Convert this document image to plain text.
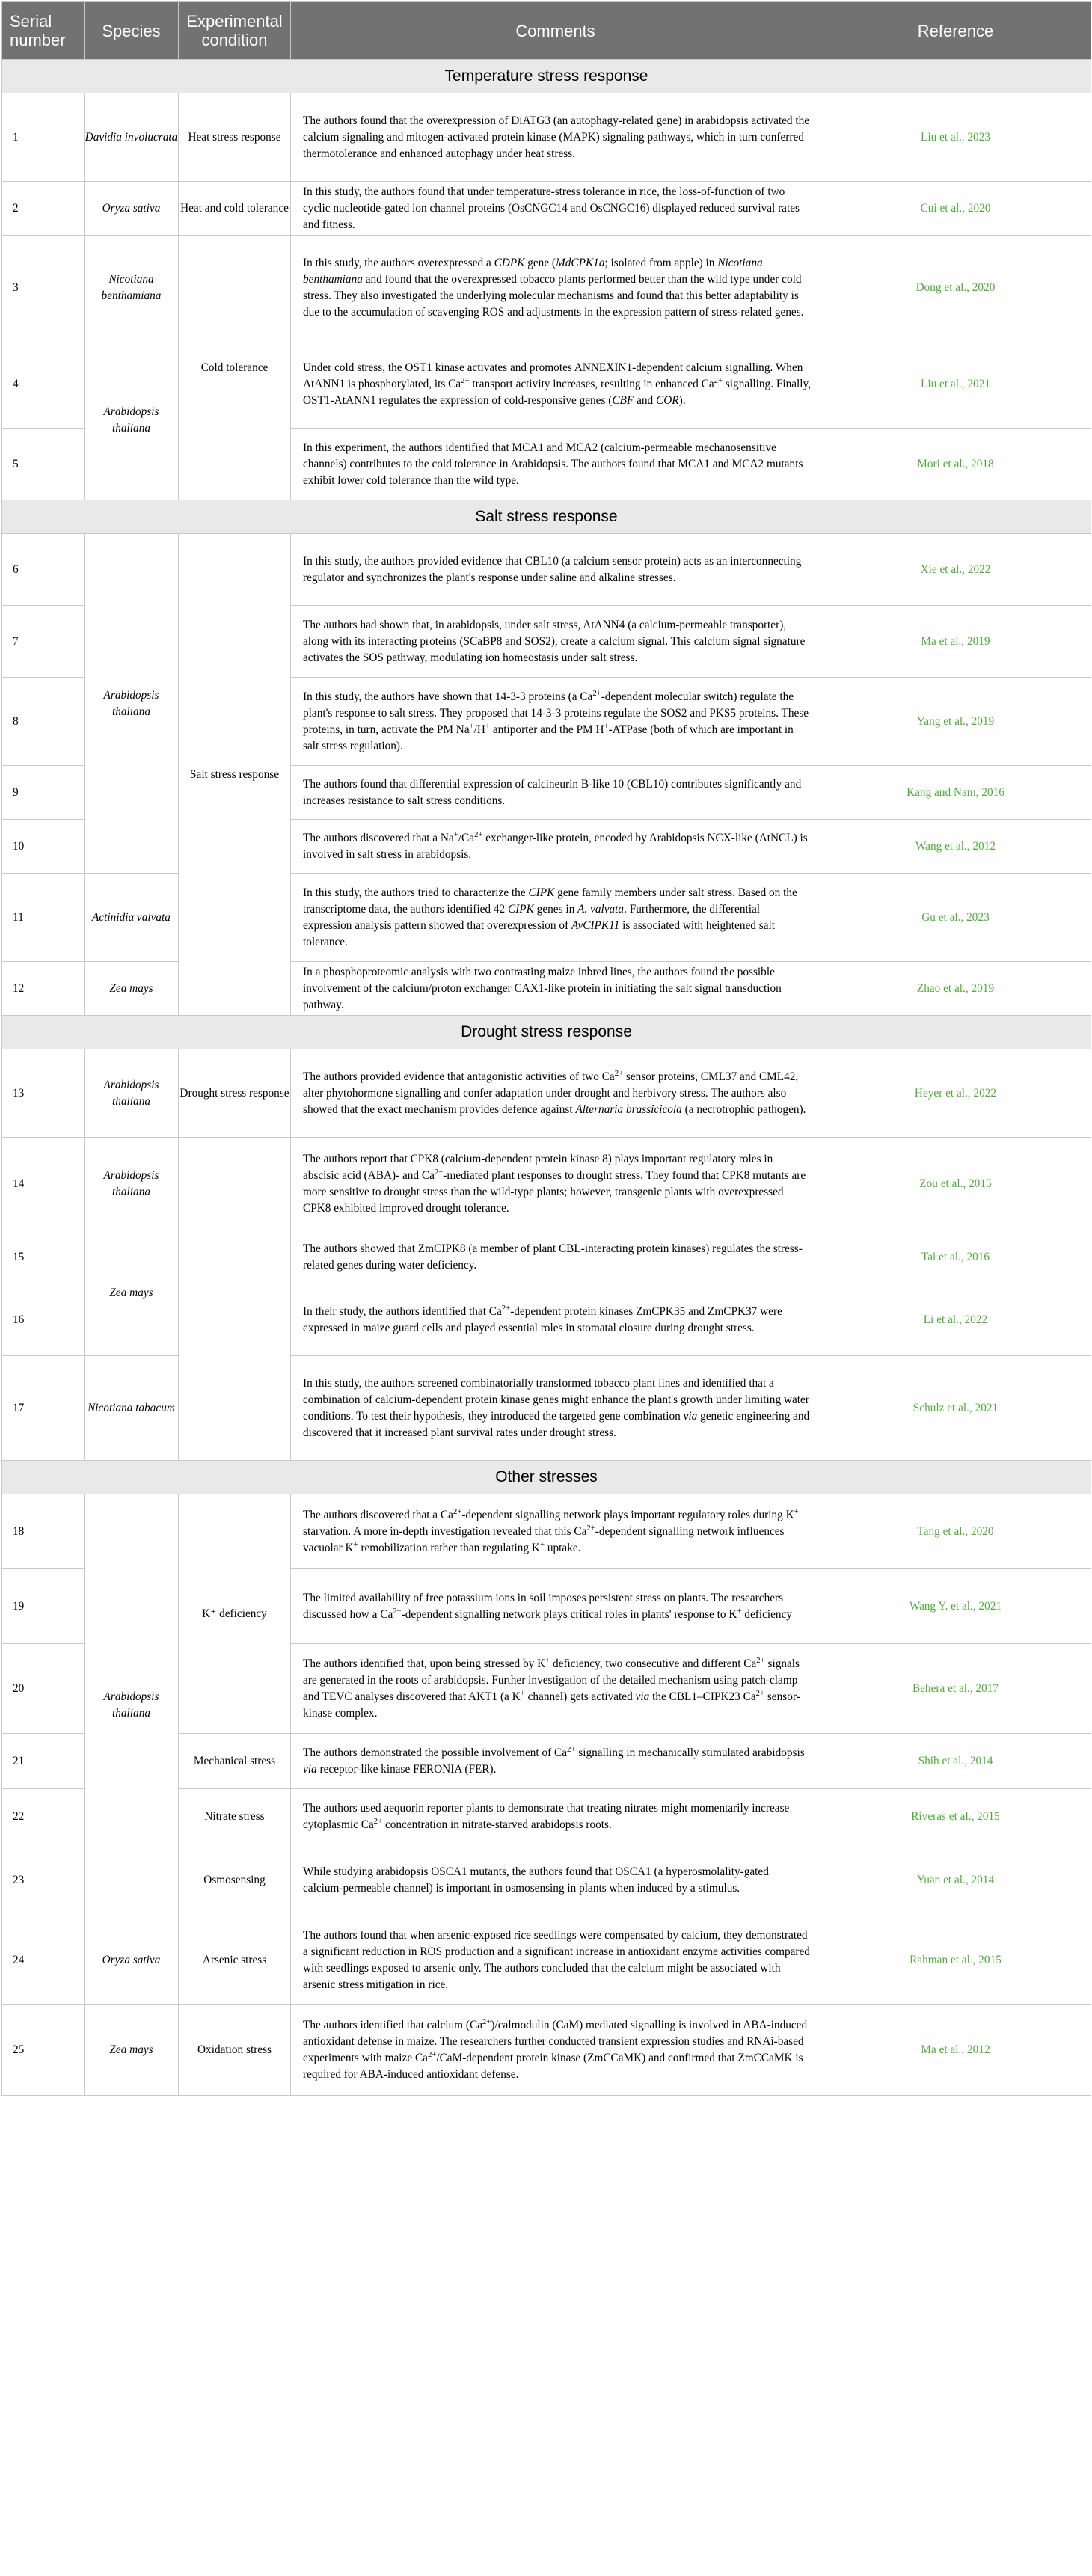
Serial number	Species	Experimental condition	Comments	Reference
Temperature stress response				
1	Davidia involucrata	Heat stress response	The authors found that the overexpression of DiATG3 (an autophagy-related gene) in arabidopsis activated the calcium signaling and mitogen-activated protein kinase (MAPK) signaling pathways, which in turn conferred thermotolerance and enhanced autophagy under heat stress.	Liu et al., 2023
2	Oryza sativa	Heat and cold tolerance	In this study, the authors found that under temperature-stress tolerance in rice, the loss-of-function of two cyclic nucleotide-gated ion channel proteins (OsCNGC14 and OsCNGC16) displayed reduced survival rates and fitness.	Cui et al., 2020
3	Nicotiana benthamiana	Cold tolerance	In this study, the authors overexpressed a CDPK gene (MdCPK1a; isolated from apple) in Nicotiana benthamiana and found that the overexpressed tobacco plants performed better than the wild type under cold stress. They also investigated the underlying molecular mechanisms and found that this better adaptability is due to the accumulation of scavenging ROS and adjustments in the expression pattern of stress-related genes.	Dong et al., 2020
4	Arabidopsis thaliana		Under cold stress, the OST1 kinase activates and promotes ANNEXIN1-dependent calcium signalling. When AtANN1 is phosphorylated, its $Ca^{2+}$ transport activity increases, resulting in enhanced $Ca^{2+}$ signalling. Finally, OST1-AtANN1 regulates the expression of cold-responsive genes (CBF and COR).	Liu et al., 2021
5			In this experiment, the authors identified that MCA1 and MCA2 (calcium-permeable mechanosensitive channels) contributes to the cold tolerance in Arabidopsis. The authors found that MCA1 and MCA2 mutants exhibit lower cold tolerance than the wild type.	Mori et al., 2018
Salt stress response				
6	Arabidopsis thaliana	Salt stress response	In this study, the authors provided evidence that CBL10 (a calcium sensor protein) acts as an interconnecting regulator and synchronizes the plant's response under saline and alkaline stresses.	Xie et al., 2022
7			The authors had shown that, in arabidopsis, under salt stress, AtANN4 (a calcium-permeable transporter), along with its interacting proteins (SCaBP8 and SOS2), create a calcium signal. This calcium signal signature activates the SOS pathway, modulating ion homeostasis under salt stress.	Ma et al., 2019
8			In this study, the authors have shown that 14-3-3 proteins (a $Ca^{2+}$-dependent molecular switch) regulate the plant's response to salt stress. They proposed that 14-3-3 proteins regulate the SOS2 and PKS5 proteins. These proteins, in turn, activate the PM Na+/H+ antiporter and the PM H+-ATPase (both of which are important in salt stress regulation).	Yang et al., 2019
9			The authors found that differential expression of calcineurin B-like 10 (CBL10) contributes significantly and increases resistance to salt stress conditions.	Kang and Nam, 2016
10			The authors discovered that a $Na^+/Ca^{2+}$ exchanger-like protein, encoded by Arabidopsis NCX-like (AtNCL) is involved in salt stress in arabidopsis.	Wang et al., 2012
11	Actinidia valvata		In this study, the authors tried to characterize the CIPK gene family members under salt stress. Based on the transcriptome data, the authors identified 42 CIPK genes in A. valvata. Furthermore, the differential expression analysis pattern showed that overexpression of AvCIPK11 is associated with heightened salt tolerance.	Gu et al., 2023
12	Zea mays		In a phosphoproteomic analysis with two contrasting maize inbred lines, the authors found the possible involvement of the calcium/proton exchanger CAX1-like protein in initiating the salt signal transduction pathway.	Zhao et al., 2019
Drought stress response				
13	Arabidopsis thaliana	Drought stress response	The authors provided evidence that antagonistic activities of two $Ca^{2+}$ sensor proteins, CML37 and CML42, alter phytohormone signalling and confer adaptation under drought and herbivory stress. The authors also showed that the exact mechanism provides defence against Alternaria brassicicola (a necrotrophic pathogen).	Heyer et al., 2022
14	Arabidopsis thaliana		The authors report that CPK8 (calcium-dependent protein kinase 8) plays important regulatory roles in abscisic acid (ABA)- and $Ca^{2+}$-mediated plant responses to drought stress. They found that CPK8 mutants are more sensitive to drought stress than the wild-type plants; however, transgenic plants with overexpressed CPK8 exhibited improved drought tolerance.	Zou et al., 2015
15	Zea mays		The authors showed that ZmCIPK8 (a member of plant CBL-interacting protein kinases) regulates the stress-related genes during water deficiency.	Tai et al., 2016
16			In their study, the authors identified that $Ca^{2+}$-dependent protein kinases ZmCPK35 and ZmCPK37 were expressed in maize guard cells and played essential roles in stomatal closure during drought stress.	Li et al., 2022
17	Nicotiana tabacum		In this study, the authors screened combinatorially transformed tobacco plant lines and identified that a combination of calcium-dependent protein kinase genes might enhance the plant's growth under limiting water conditions. To test their hypothesis, they introduced the targeted gene combination via genetic engineering and discovered that it increased plant survival rates under drought stress.	Schulz et al., 2021
Other stresses				
18	Arabidopsis thaliana	K⁺ deficiency	The authors discovered that a $Ca^{2+}$-dependent signalling network plays important regulatory roles during K+ starvation. A more in-depth investigation revealed that this $Ca^{2+}$-dependent signalling network influences vacuolar K+ remobilization rather than regulating K+ uptake.	Tang et al., 2020
19			The limited availability of free potassium ions in soil imposes persistent stress on plants. The researchers discussed how a $Ca^{2+}$-dependent signalling network plays critical roles in plants' response to K+ deficiency	Wang Y. et al., 2021
20			The authors identified that, upon being stressed by K+ deficiency, two consecutive and different $Ca^{2+}$ signals are generated in the roots of arabidopsis. Further investigation of the detailed mechanism using patch-clamp and TEVC analyses discovered that AKT1 (a K+ channel) gets activated via the CBL1–CIPK23 $Ca^{2+}$ sensor-kinase complex.	Behera et al., 2017
21		Mechanical stress	The authors demonstrated the possible involvement of $Ca^{2+}$ signalling in mechanically stimulated arabidopsis via receptor-like kinase FERONIA (FER).	Shih et al., 2014
22		Nitrate stress	The authors used aequorin reporter plants to demonstrate that treating nitrates might momentarily increase cytoplasmic $Ca^{2+}$ concentration in nitrate-starved arabidopsis roots.	Riveras et al., 2015
23		Osmosensing	While studying arabidopsis OSCA1 mutants, the authors found that OSCA1 (a hyperosmolality-gated calcium-permeable channel) is important in osmosensing in plants when induced by a stimulus.	Yuan et al., 2014
24	Oryza sativa	Arsenic stress	The authors found that when arsenic-exposed rice seedlings were compensated by calcium, they demonstrated a significant reduction in ROS production and a significant increase in antioxidant enzyme activities compared with seedlings exposed to arsenic only. The authors concluded that the calcium might be associated with arsenic stress mitigation in rice.	Rahman et al., 2015
25	Zea mays	Oxidation stress	The authors identified that calcium $(Ca^{2+})$/calmodulin (CaM) mediated signalling is involved in ABA-induced antioxidant defense in maize. The researchers further conducted transient expression studies and RNAi-based experiments with maize $Ca^{2+}/CaM$-dependent protein kinase (ZmCCaMK) and confirmed that ZmCCaMK is required for ABA-induced antioxidant defense.	Ma et al., 2012
